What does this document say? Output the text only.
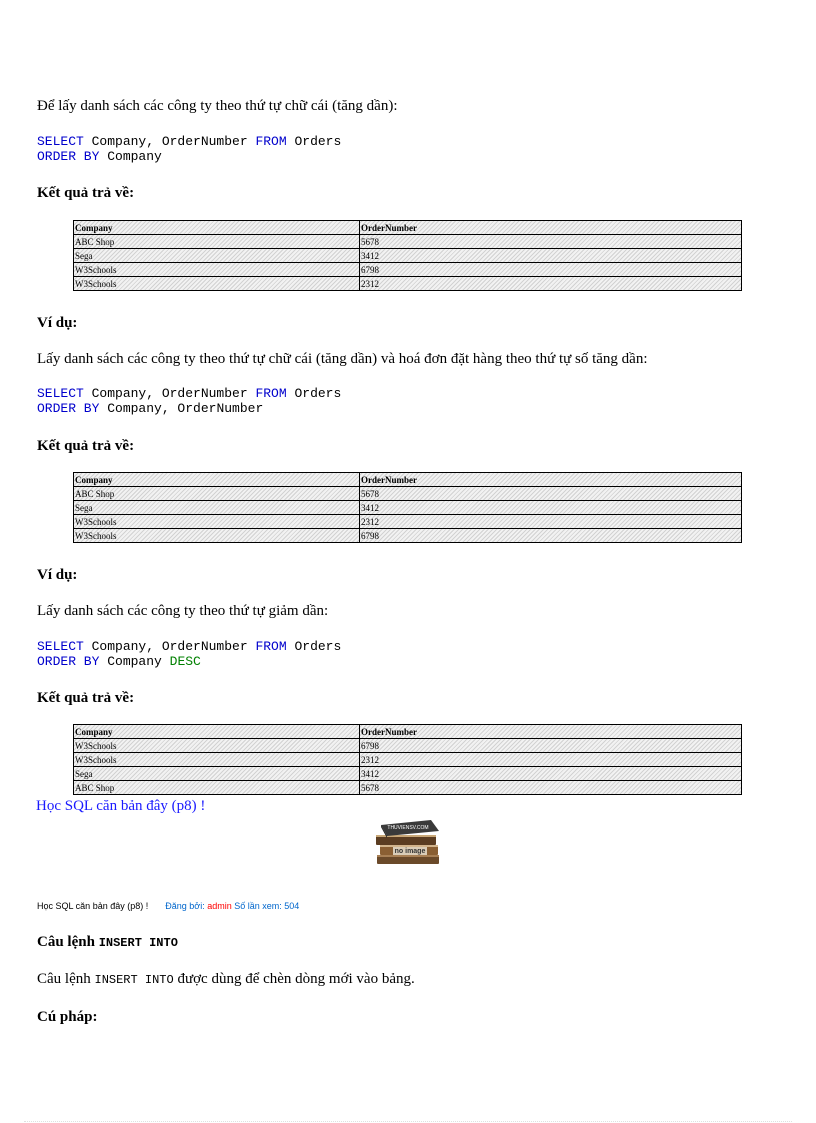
Để lấy danh sách các công ty theo thứ tự chữ cái (tăng dần):
SELECT Company, OrderNumber FROM Orders
ORDER BY Company
Kết quả trả về:
Company	OrderNumber
ABC Shop	5678
Sega	3412
W3Schools	6798
W3Schools	2312
Ví dụ:
Lấy danh sách các công ty theo thứ tự chữ cái (tăng dần) và hoá đơn đặt hàng theo thứ tự số tăng dần:
SELECT Company, OrderNumber FROM Orders
ORDER BY Company, OrderNumber
Kết quả trả về:
Company	OrderNumber
ABC Shop	5678
Sega	3412
W3Schools	2312
W3Schools	6798
Ví dụ:
Lấy danh sách các công ty theo thứ tự giảm dần:
SELECT Company, OrderNumber FROM Orders
ORDER BY Company DESC
Kết quả trả về:
Company	OrderNumber
W3Schools	6798
W3Schools	2312
Sega	3412
ABC Shop	5678
Học SQL căn bản đây (p8) !
THUVIENSV.COM
no image
Học SQL căn bản đây (p8) ! Đăng bởi: admin Số lần xem: 504
Câu lệnh INSERT INTO
Câu lệnh INSERT INTO được dùng để chèn dòng mới vào bảng.
Cú pháp:
